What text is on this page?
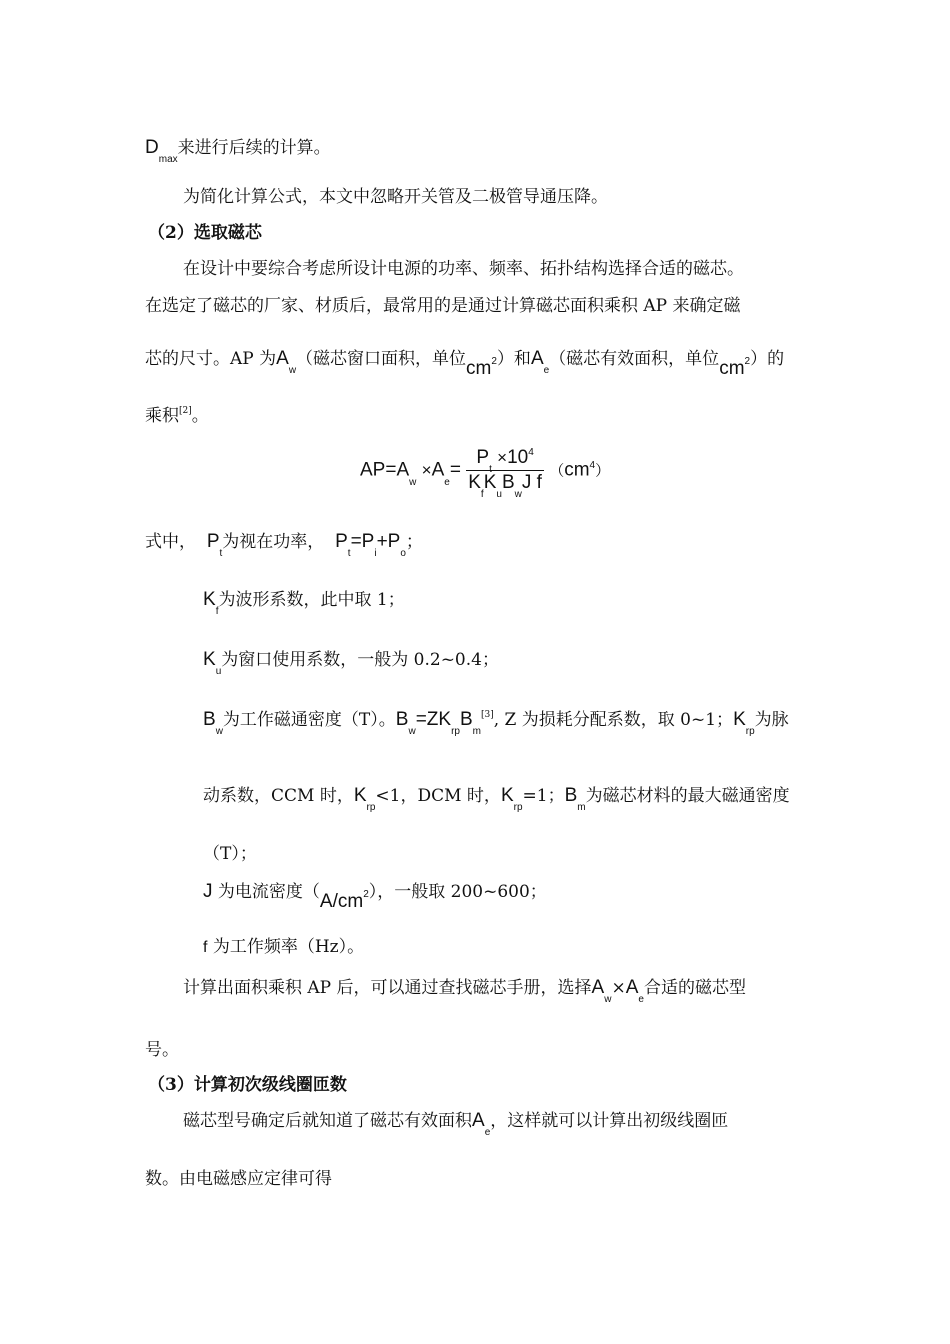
$D_{max}$来进行后续的计算。
为简化计算公式，本文中忽略开关管及二极管导通压降。
（2）选取磁芯
在设计中要综合考虑所设计电源的功率、频率、拓扑结构选择合适的磁芯。
在选定了磁芯的厂家、材质后，最常用的是通过计算磁芯面积乘积 AP 来确定磁
芯的尺寸。AP 为$A_w$（磁芯窗口面积，单位cm2）和$A_e$（磁芯有效面积，单位cm2）的
乘积[2]。
$AP=A_w \times A_e= \frac{P_t \times 10^4}{K_fK_uB_wJ f} (cm^4)$
式中， $P_t$为视在功率， $P_t=P_i+P_o$；
$K_f$为波形系数，此中取 1；
$K_u$为窗口使用系数，一般为 0.2~0.4；
$B_w$为工作磁通密度（T）。$B_w=ZK_{rp}B_m[3]$, Z 为损耗分配系数，取 0~1；$K_{rp}$为脉
动系数，CCM 时，$K_{rp}<1$，DCM 时，$K_{rp}=1$；$B_m$为磁芯材料的最大磁通密度
（T）；
J 为电流密度（A/cm2），一般取 200~600；
f 为工作频率（Hz）。
计算出面积乘积 AP 后，可以通过查找磁芯手册，选择$A_w\times A_e$合适的磁芯型
号。
（3）计算初次级线圈匝数
磁芯型号确定后就知道了磁芯有效面积$A_e$，这样就可以计算出初级线圈匝
数。由电磁感应定律可得
